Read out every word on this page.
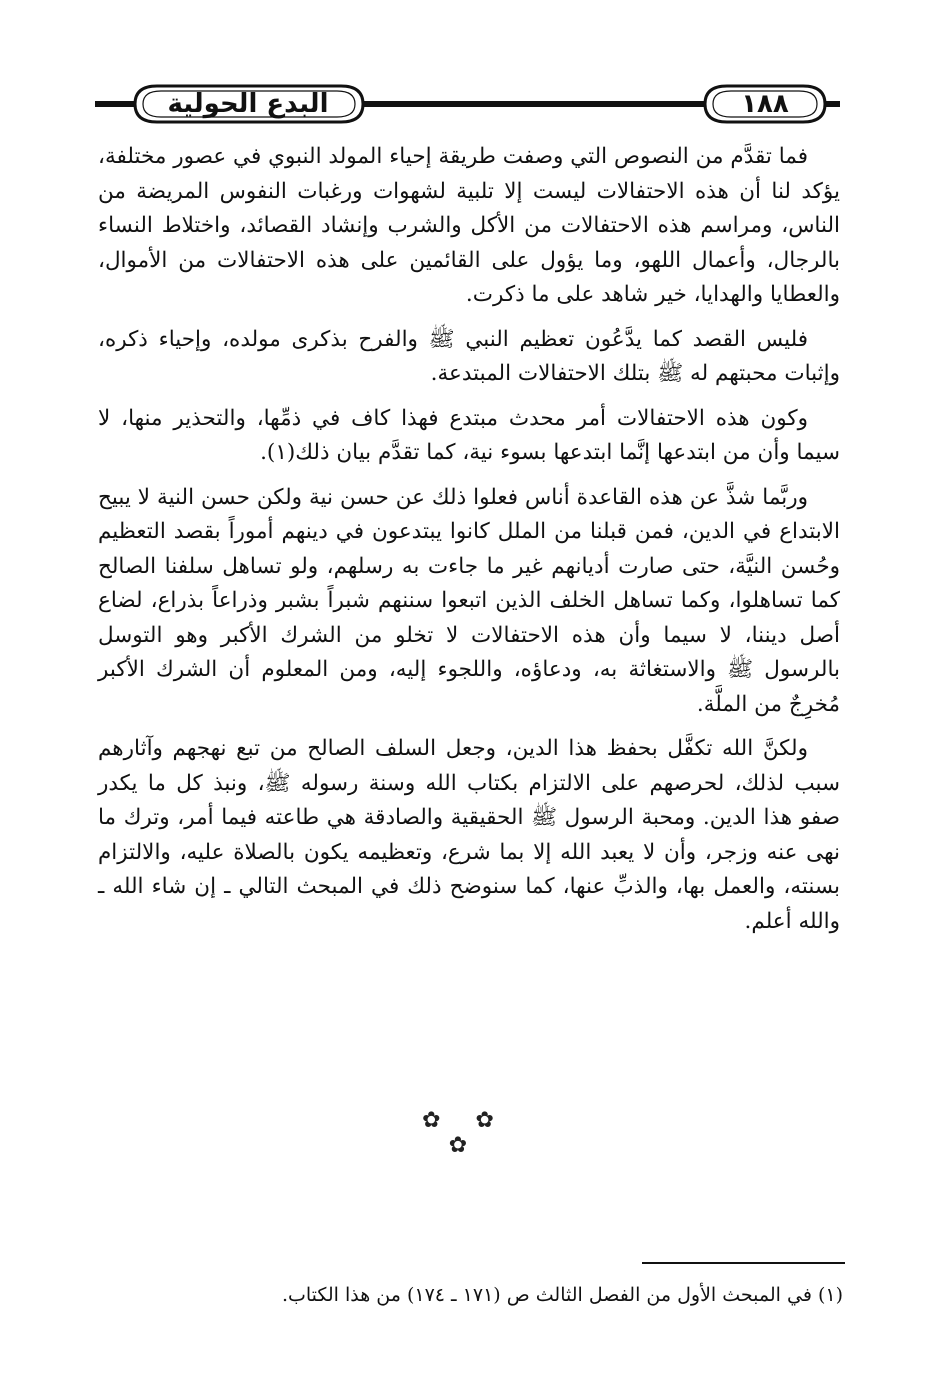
البدع الحولية	١٨٨

فما تقدَّم من النصوص التي وصفت طريقة إحياء المولد النبوي في عصور مختلفة، يؤكد لنا أن هذه الاحتفالات ليست إلا تلبية لشهوات ورغبات النفوس المريضة من الناس، ومراسم هذه الاحتفالات من الأكل والشرب وإنشاد القصائد، واختلاط النساء بالرجال، وأعمال اللهو، وما يؤول على القائمين على هذه الاحتفالات من الأموال، والعطايا والهدايا، خير شاهد على ما ذكرت.

فليس القصد كما يدَّعُون تعظيم النبي ﷺ والفرح بذكرى مولده، وإحياء ذكره، وإثبات محبتهم له ﷺ بتلك الاحتفالات المبتدعة.

وكون هذه الاحتفالات أمر محدث مبتدع فهذا كاف في ذمِّها، والتحذير منها، لا سيما وأن من ابتدعها إنَّما ابتدعها بسوء نية، كما تقدَّم بيان ذلك(١).

وربَّما شذَّ عن هذه القاعدة أناس فعلوا ذلك عن حسن نية ولكن حسن النية لا يبيح الابتداع في الدين، فمن قبلنا من الملل كانوا يبتدعون في دينهم أموراً بقصد التعظيم وحُسن النيَّة، حتى صارت أديانهم غير ما جاءت به رسلهم، ولو تساهل سلفنا الصالح كما تساهلوا، وكما تساهل الخلف الذين اتبعوا سننهم شبراً بشبر وذراعاً بذراع، لضاع أصل ديننا، لا سيما وأن هذه الاحتفالات لا تخلو من الشرك الأكبر وهو التوسل بالرسول ﷺ والاستغاثة به، ودعاؤه، واللجوء إليه، ومن المعلوم أن الشرك الأكبر مُخرِجٌ من الملَّة.

ولكنَّ الله تكفَّل بحفظ هذا الدين، وجعل السلف الصالح من تبع نهجهم وآثارهم سبب لذلك، لحرصهم على الالتزام بكتاب الله وسنة رسوله ﷺ، ونبذ كل ما يكدر صفو هذا الدين. ومحبة الرسول ﷺ الحقيقية والصادقة هي طاعته فيما أمر، وترك ما نهى عنه وزجر، وأن لا يعبد الله إلا بما شرع، وتعظيمه يكون بالصلاة عليه، والالتزام بسنته، والعمل بها، والذبِّ عنها، كما سنوضح ذلك في المبحث التالي ـ إن شاء الله ـ والله أعلم.

✿ ✿ ✿
(١) في المبحث الأول من الفصل الثالث ص (١٧١ ـ ١٧٤) من هذا الكتاب.
